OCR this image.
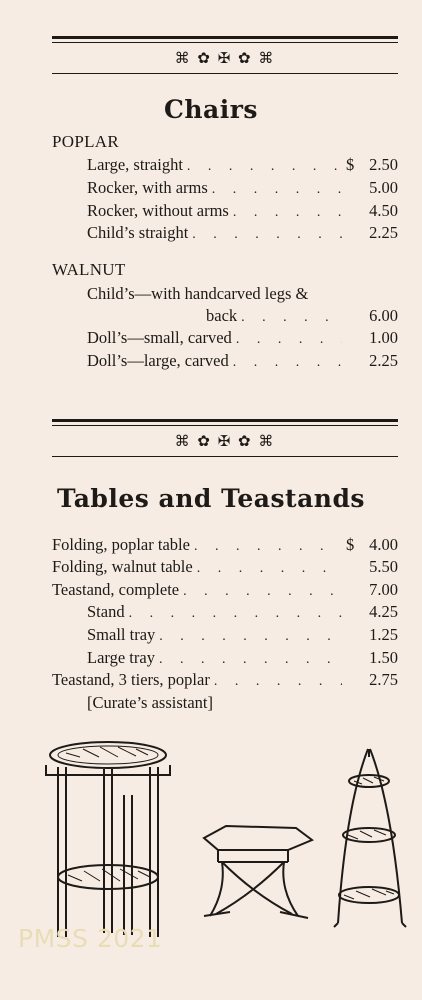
⌘ ✿ ✠ ✿ ⌘
Chairs
POPLAR
Large, straight . . .	$ 2.50
Rocker, with arms . . .	5.00
Rocker, without arms . . .	4.50
Child’s straight . . .	2.25
WALNUT
Child’s—with handcarved legs &
back . . .	6.00
Doll’s—small, carved . . .	1.00
Doll’s—large, carved . . .	2.25
⌘ ✿ ✠ ✿ ⌘
Tables and Teastands
Folding, poplar table . . .	$ 4.00
Folding, walnut table . . .	5.50
Teastand, complete . . .	7.00
Stand . . .	4.25
Small tray . . .	1.25
Large tray . . .	1.50
Teastand, 3 tiers, poplar . . .	2.75
[Curate’s assistant]
PMSS 2021
